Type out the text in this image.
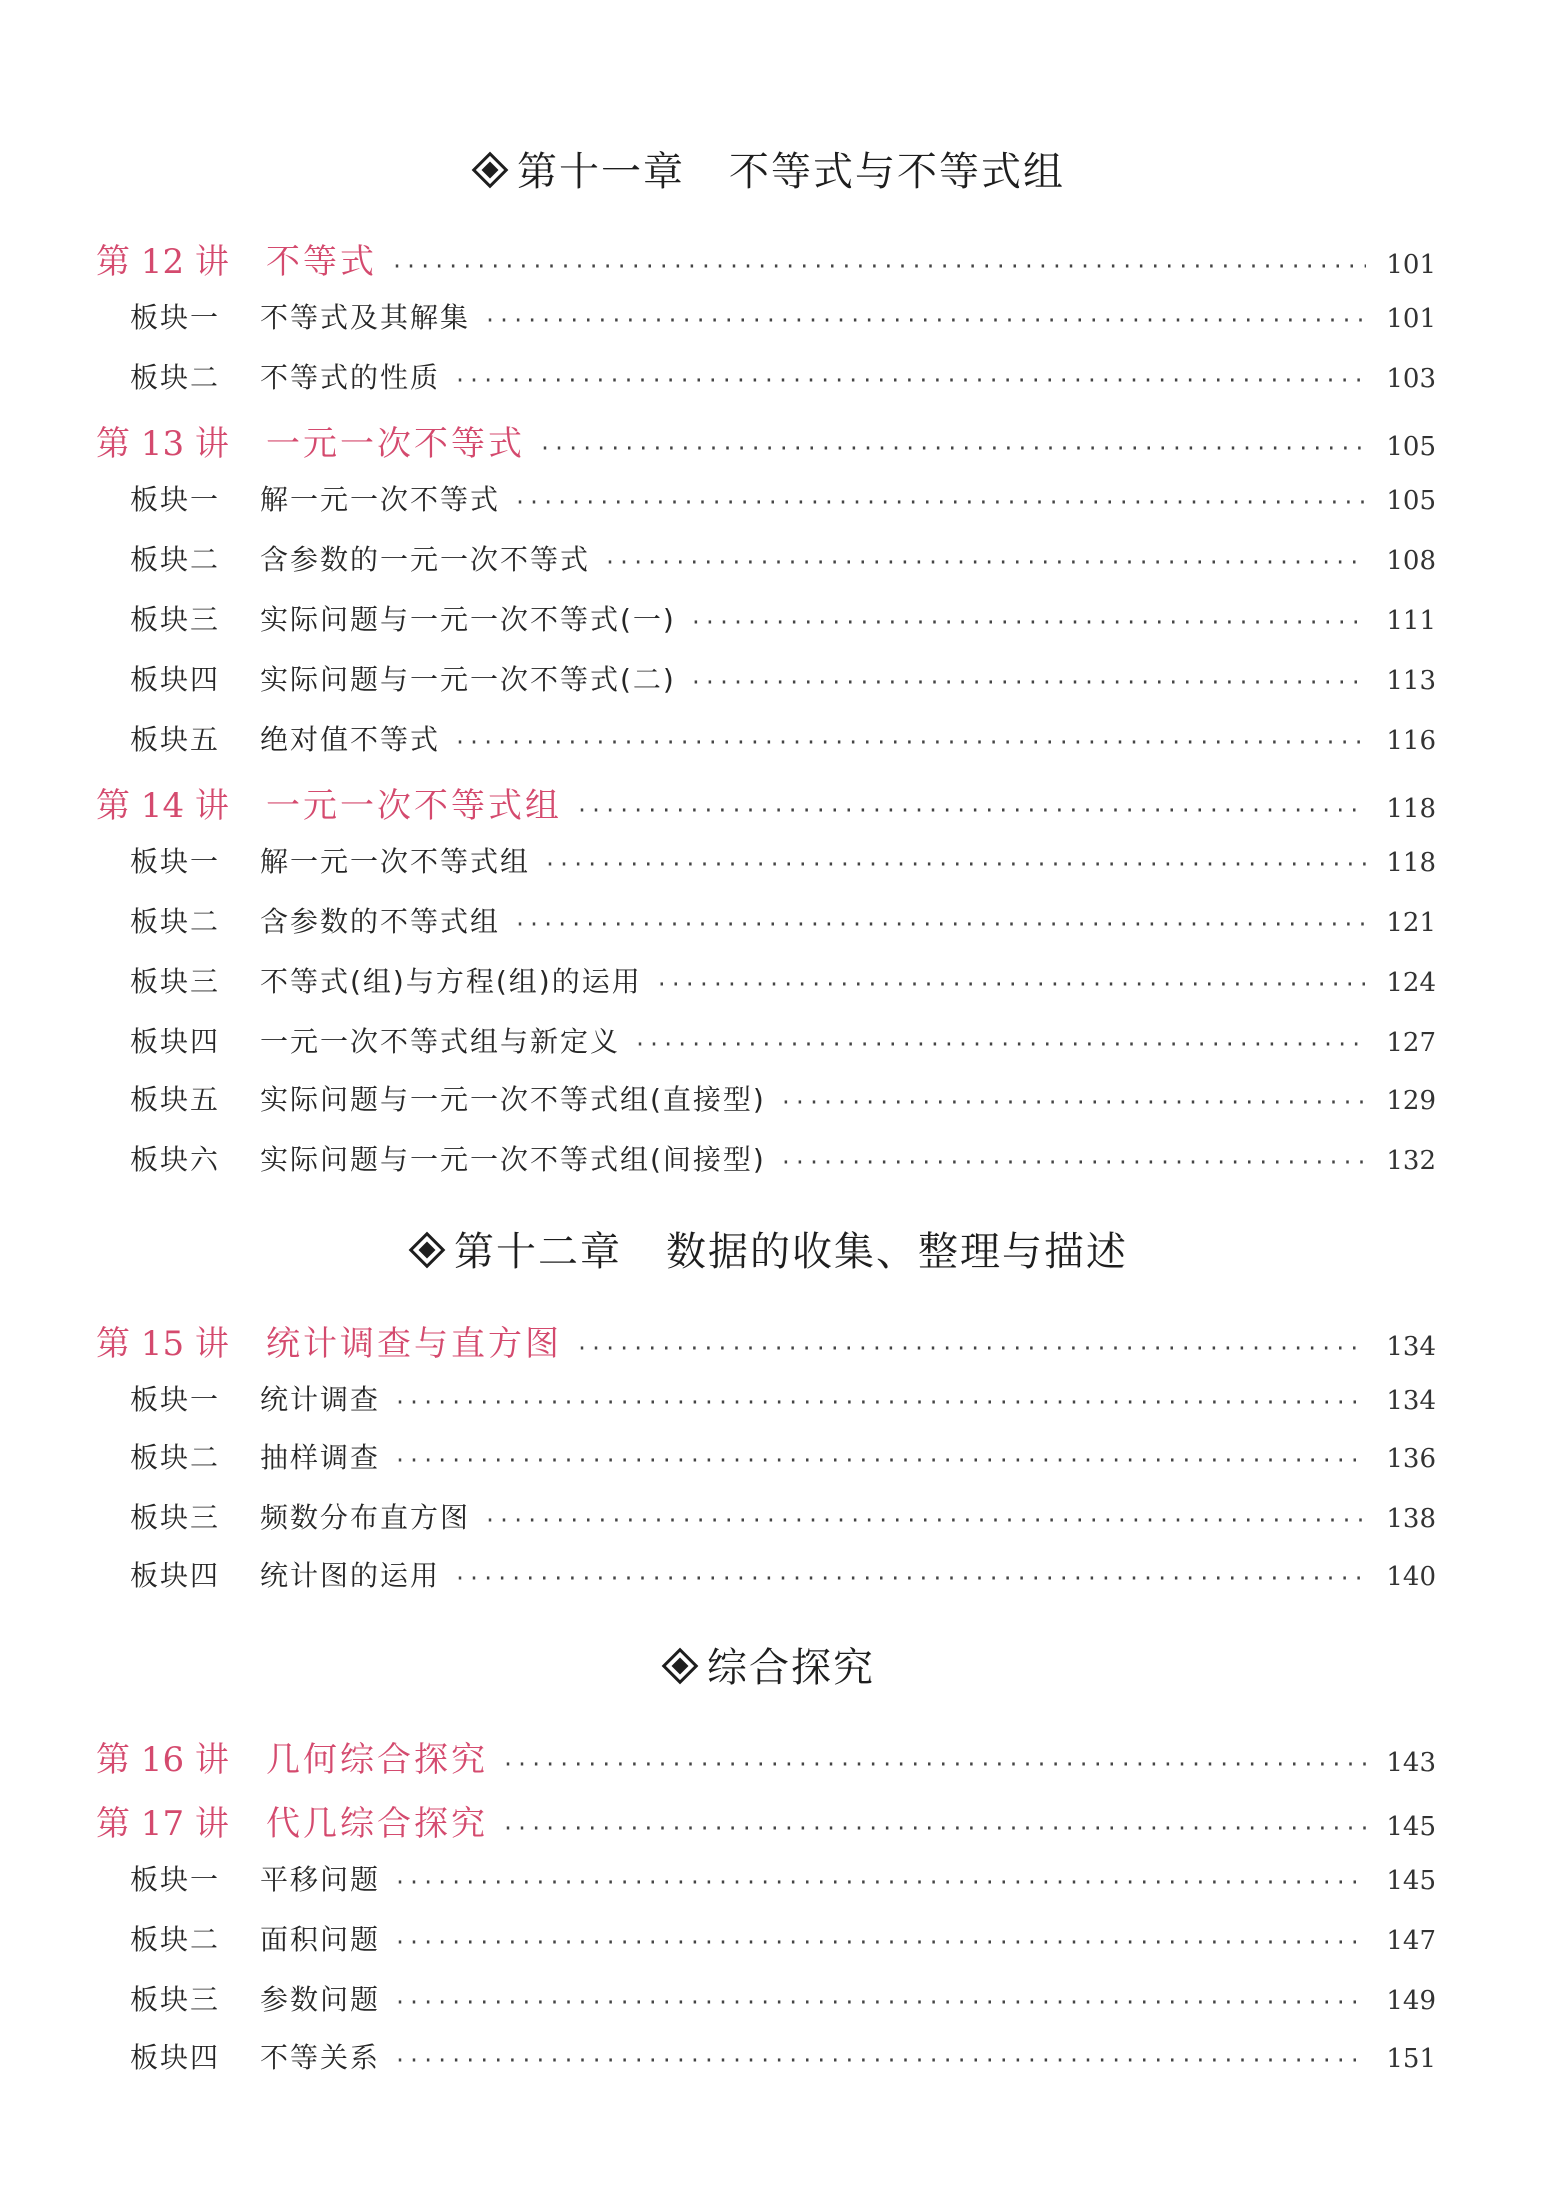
第十一章 不等式与不等式组
第 12 讲	不等式 ·····	101
板块一	不等式及其解集 ·····	101
板块二	不等式的性质 ·····	103
第 13 讲	一元一次不等式 ·····	105
板块一	解一元一次不等式 ·····	105
板块二	含参数的一元一次不等式 ·····	108
板块三	实际问题与一元一次不等式(一) ·····	111
板块四	实际问题与一元一次不等式(二) ·····	113
板块五	绝对值不等式 ·····	116
第 14 讲	一元一次不等式组 ·····	118
板块一	解一元一次不等式组 ·····	118
板块二	含参数的不等式组 ·····	121
板块三	不等式(组)与方程(组)的运用 ·····	124
板块四	一元一次不等式组与新定义 ·····	127
板块五	实际问题与一元一次不等式组(直接型) ·····	129
板块六	实际问题与一元一次不等式组(间接型) ·····	132
第十二章 数据的收集、整理与描述
第 15 讲	统计调查与直方图 ·····	134
板块一	统计调查 ·····	134
板块二	抽样调查 ·····	136
板块三	频数分布直方图 ·····	138
板块四	统计图的运用 ·····	140
综合探究
第 16 讲	几何综合探究 ·····	143
第 17 讲	代几综合探究 ·····	145
板块一	平移问题 ·····	145
板块二	面积问题 ·····	147
板块三	参数问题 ·····	149
板块四	不等关系 ·····	151
